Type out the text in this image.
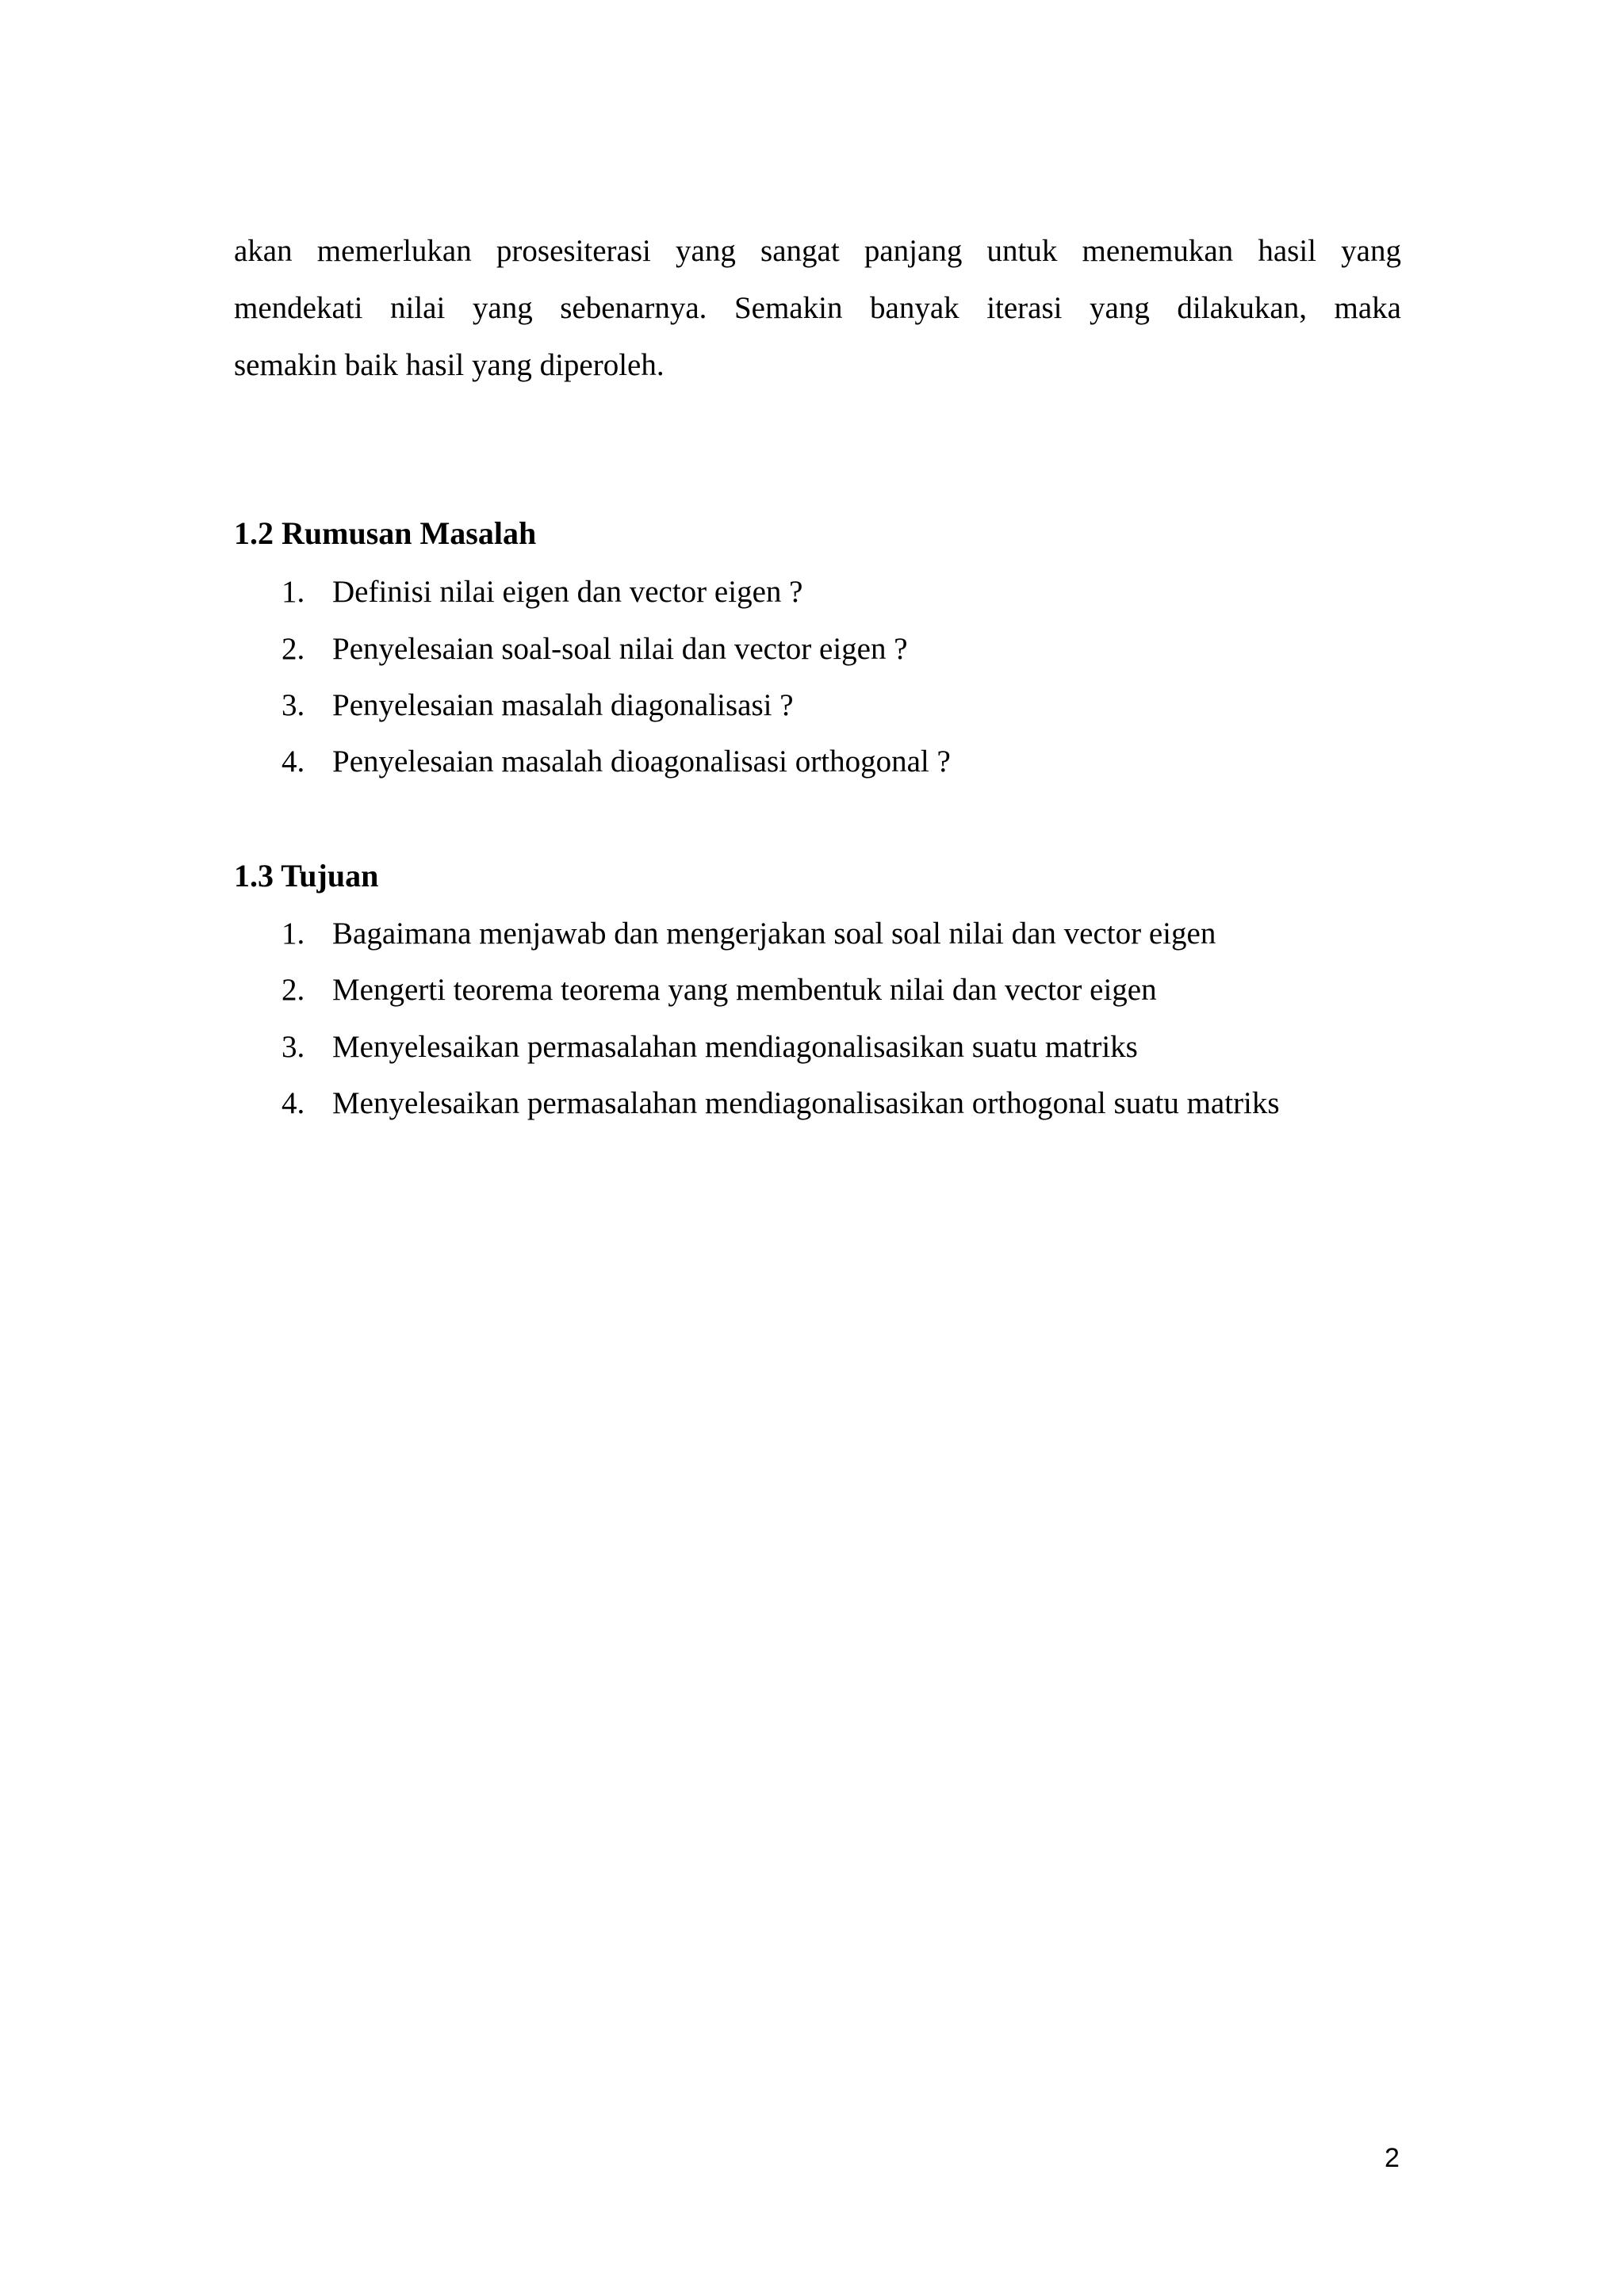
akan memerlukan prosesiterasi yang sangat panjang untuk menemukan hasil yang
mendekati nilai yang sebenarnya. Semakin banyak iterasi yang dilakukan, maka
semakin baik hasil yang diperoleh.
1.2 Rumusan Masalah
1. Definisi nilai eigen dan vector eigen ?
2. Penyelesaian soal-soal nilai dan vector eigen ?
3. Penyelesaian masalah diagonalisasi ?
4. Penyelesaian masalah dioagonalisasi orthogonal ?
1.3 Tujuan
1. Bagaimana menjawab dan mengerjakan soal soal nilai dan vector eigen
2. Mengerti teorema teorema yang membentuk nilai dan vector eigen
3. Menyelesaikan permasalahan mendiagonalisasikan suatu matriks
4. Menyelesaikan permasalahan mendiagonalisasikan orthogonal suatu matriks
2
